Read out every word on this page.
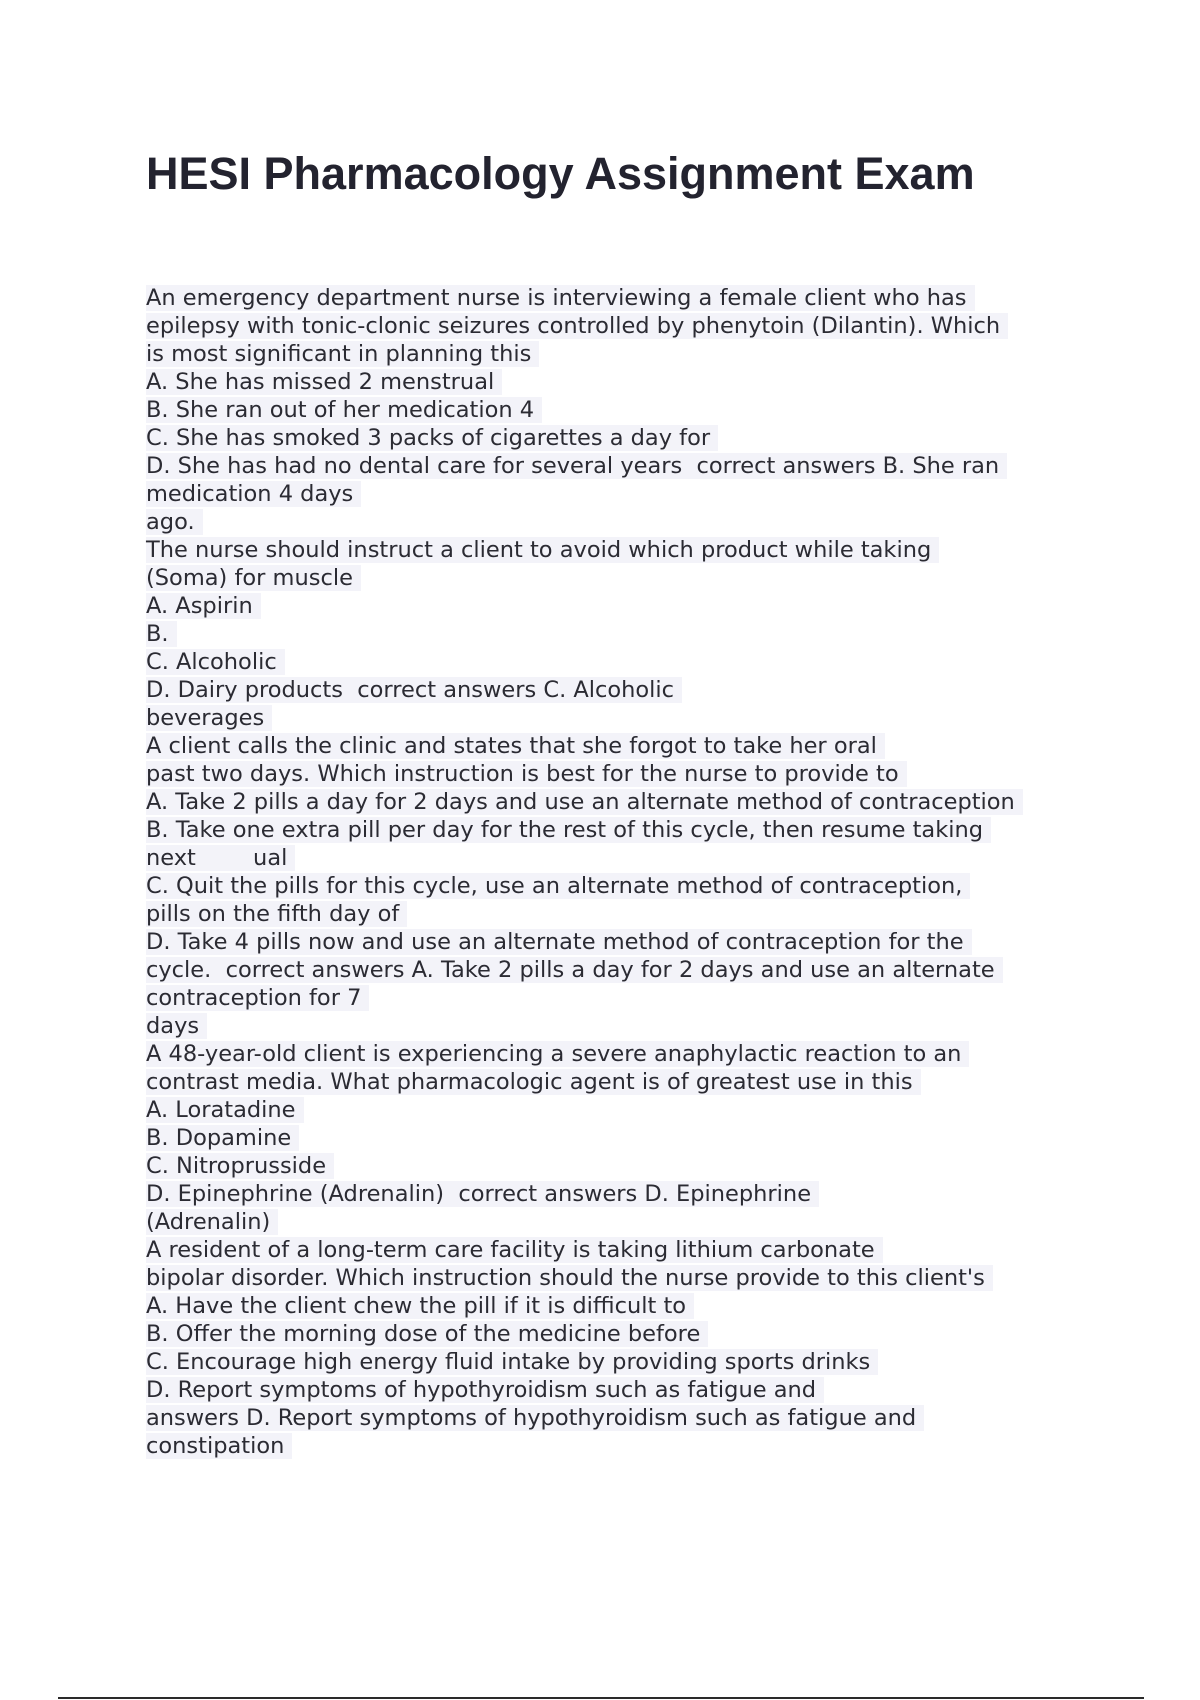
HESI Pharmacology Assignment Exam
An emergency department nurse is interviewing a female client who has
epilepsy with tonic-clonic seizures controlled by phenytoin (Dilantin). Which
is most significant in planning this
A. She has missed 2 menstrual
B. She ran out of her medication 4
C. She has smoked 3 packs of cigarettes a day for
D. She has had no dental care for several years  correct answers B. She ran
medication 4 days
ago.
The nurse should instruct a client to avoid which product while taking
(Soma) for muscle
A. Aspirin
B.
C. Alcoholic
D. Dairy products  correct answers C. Alcoholic
beverages
A client calls the clinic and states that she forgot to take her oral
past two days. Which instruction is best for the nurse to provide to
A. Take 2 pills a day for 2 days and use an alternate method of contraception
B. Take one extra pill per day for the rest of this cycle, then resume taking
next        ual
C. Quit the pills for this cycle, use an alternate method of contraception,
pills on the fifth day of
D. Take 4 pills now and use an alternate method of contraception for the
cycle.  correct answers A. Take 2 pills a day for 2 days and use an alternate
contraception for 7
days
A 48-year-old client is experiencing a severe anaphylactic reaction to an
contrast media. What pharmacologic agent is of greatest use in this
A. Loratadine
B. Dopamine
C. Nitroprusside
D. Epinephrine (Adrenalin)  correct answers D. Epinephrine
(Adrenalin)
A resident of a long-term care facility is taking lithium carbonate
bipolar disorder. Which instruction should the nurse provide to this client's
A. Have the client chew the pill if it is difficult to
B. Offer the morning dose of the medicine before
C. Encourage high energy fluid intake by providing sports drinks
D. Report symptoms of hypothyroidism such as fatigue and
answers D. Report symptoms of hypothyroidism such as fatigue and
constipation
